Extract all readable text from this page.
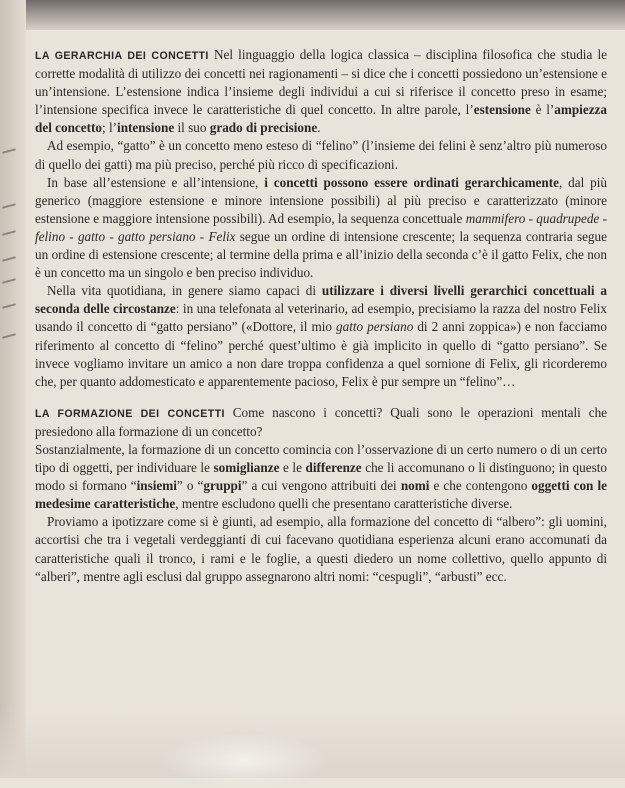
LA GERARCHIA DEI CONCETTI Nel linguaggio della logica classica – disciplina filosofica che studia le corrette modalità di utilizzo dei concetti nei ragionamenti – si dice che i concetti possiedono un’estensione e un’intensione. L’estensione indica l’insieme degli individui a cui si riferisce il concetto preso in esame; l’intensione specifica invece le caratteristiche di quel concetto. In altre parole, l’estensione è l’ampiezza del concetto; l’intensione il suo grado di precisione.

Ad esempio, “gatto” è un concetto meno esteso di “felino” (l’insieme dei felini è senz’altro più numeroso di quello dei gatti) ma più preciso, perché più ricco di specificazioni.

In base all’estensione e all’intensione, i concetti possono essere ordinati gerarchicamente, dal più generico (maggiore estensione e minore intensione possibili) al più preciso e caratterizzato (minore estensione e maggiore intensione possibili). Ad esempio, la sequenza concettuale mammifero - quadrupede - felino - gatto - gatto persiano - Felix segue un ordine di intensione crescente; la sequenza contraria segue un ordine di estensione crescente; al termine della prima e all’inizio della seconda c’è il gatto Felix, che non è un concetto ma un singolo e ben preciso individuo.

Nella vita quotidiana, in genere siamo capaci di utilizzare i diversi livelli gerarchici concettuali a seconda delle circostanze: in una telefonata al veterinario, ad esempio, precisiamo la razza del nostro Felix usando il concetto di “gatto persiano” («Dottore, il mio gatto persiano di 2 anni zoppica») e non facciamo riferimento al concetto di “felino” perché quest’ultimo è già implicito in quello di “gatto persiano”. Se invece vogliamo invitare un amico a non dare troppa confidenza a quel sornione di Felix, gli ricorderemo che, per quanto addomesticato e apparentemente pacioso, Felix è pur sempre un “felino”…

LA FORMAZIONE DEI CONCETTI Come nascono i concetti? Quali sono le operazioni mentali che presiedono alla formazione di un concetto?

Sostanzialmente, la formazione di un concetto comincia con l’osservazione di un certo numero o di un certo tipo di oggetti, per individuare le somiglianze e le differenze che li accomunano o li distinguono; in questo modo si formano “insiemi” o “gruppi” a cui vengono attribuiti dei nomi e che contengono oggetti con le medesime caratteristiche, mentre escludono quelli che presentano caratteristiche diverse.

Proviamo a ipotizzare come si è giunti, ad esempio, alla formazione del concetto di “albero”: gli uomini, accortisi che tra i vegetali verdeggianti di cui facevano quotidiana esperienza alcuni erano accomunati da caratteristiche quali il tronco, i rami e le foglie, a questi diedero un nome collettivo, quello appunto di “alberi”, mentre agli esclusi dal gruppo assegnarono altri nomi: “cespugli”, “arbusti” ecc.
